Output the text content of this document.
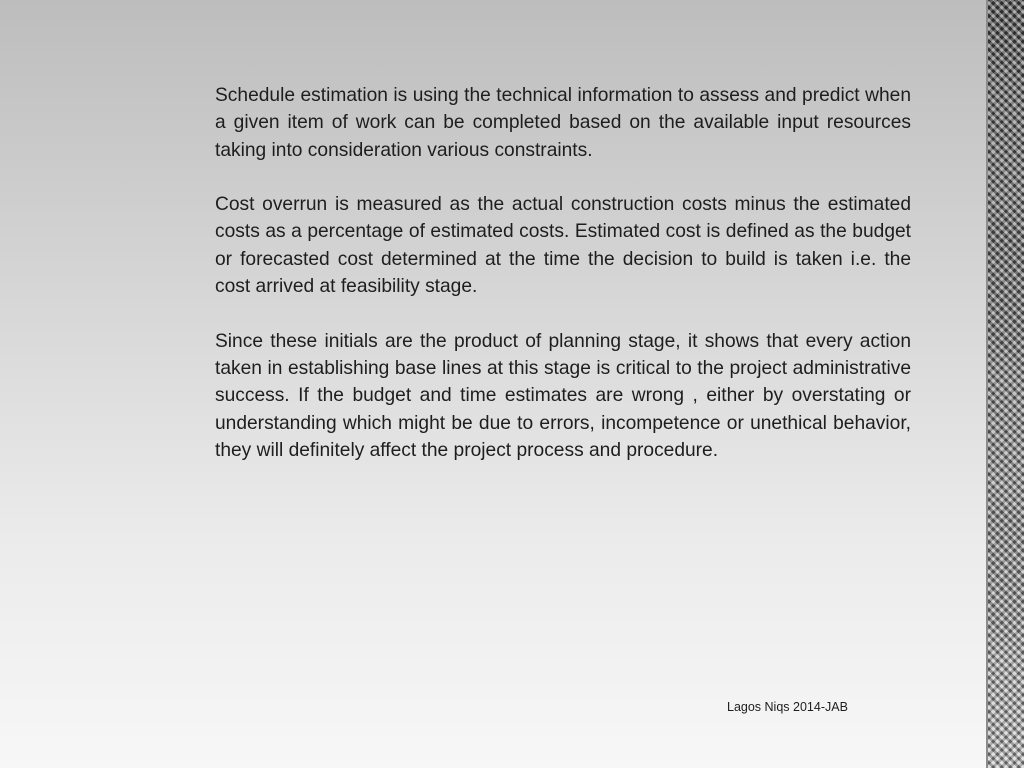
Schedule estimation is using the technical information to assess and predict when a given item of work can be completed based on the available input resources taking into consideration various constraints.

Cost overrun is measured as the actual construction costs minus the estimated costs as a percentage of estimated costs. Estimated cost is defined as the budget or forecasted cost determined at the time the decision to build is taken i.e. the cost arrived at feasibility stage.

Since these initials are the product of planning stage, it shows that every action taken in establishing base lines at this stage is critical to the project administrative success. If the budget and time estimates are wrong , either by overstating or understanding which might be due to errors, incompetence or unethical behavior, they will definitely affect the project process and procedure.

Lagos Niqs 2014-JAB
